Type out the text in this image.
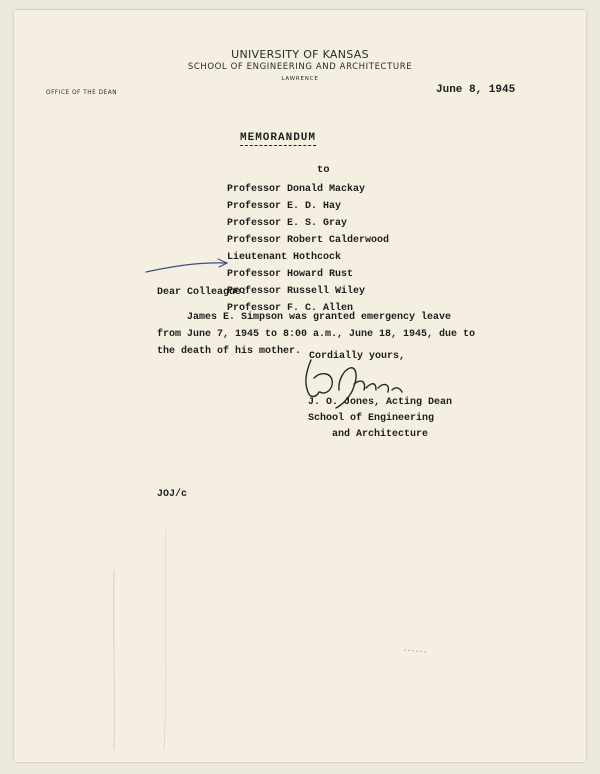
UNIVERSITY OF KANSAS
SCHOOL OF ENGINEERING AND ARCHITECTURE
LAWRENCE
OFFICE OF THE DEAN	June 8, 1945
MEMORANDUM
to
Professor Donald Mackay
Professor E. D. Hay
Professor E. S. Gray
Professor Robert Calderwood
Lieutenant Hothcock
Professor Howard Rust
Professor Russell Wiley
Professor F. C. Allen
Dear Colleague:
James E. Simpson was granted emergency leave
from June 7, 1945 to 8:00 a.m., June 18, 1945, due to
the death of his mother. Cordially yours,
J. O. Jones, Acting Dean
School of Engineering
and Architecture
JOJ/c
